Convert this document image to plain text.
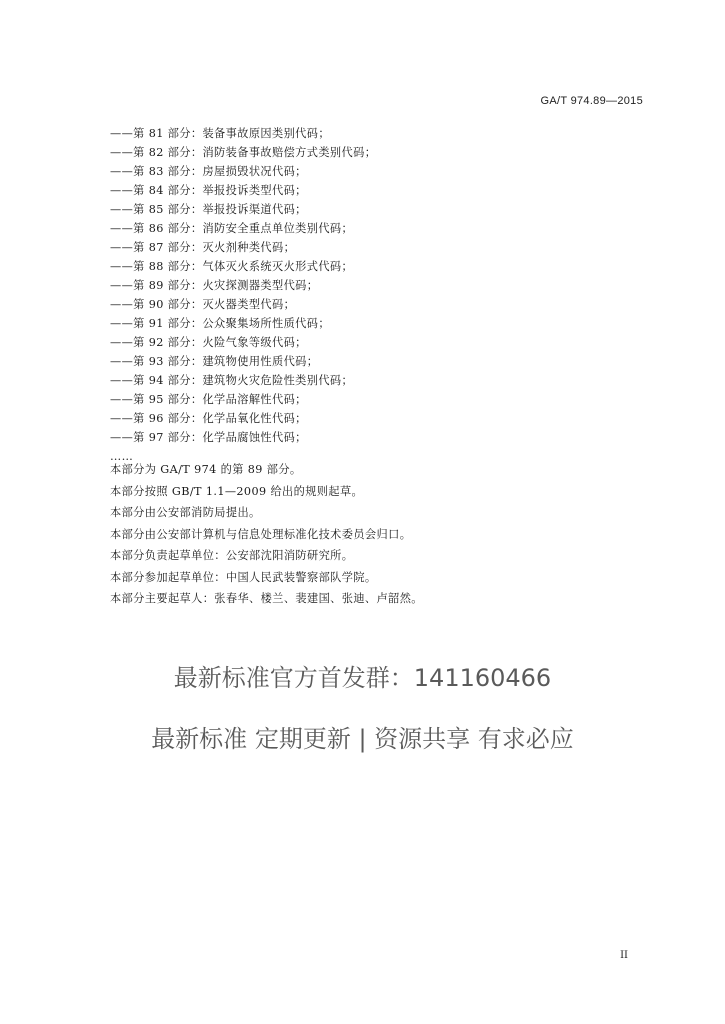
GA/T 974.89—2015
——第 81 部分：装备事故原因类别代码；
——第 82 部分：消防装备事故赔偿方式类别代码；
——第 83 部分：房屋损毁状况代码；
——第 84 部分：举报投诉类型代码；
——第 85 部分：举报投诉渠道代码；
——第 86 部分：消防安全重点单位类别代码；
——第 87 部分：灭火剂种类代码；
——第 88 部分：气体灭火系统灭火形式代码；
——第 89 部分：火灾探测器类型代码；
——第 90 部分：灭火器类型代码；
——第 91 部分：公众聚集场所性质代码；
——第 92 部分：火险气象等级代码；
——第 93 部分：建筑物使用性质代码；
——第 94 部分：建筑物火灾危险性类别代码；
——第 95 部分：化学品溶解性代码；
——第 96 部分：化学品氧化性代码；
——第 97 部分：化学品腐蚀性代码；
……

本部分为 GA/T 974 的第 89 部分。

本部分按照 GB/T 1.1—2009 给出的规则起草。

本部分由公安部消防局提出。

本部分由公安部计算机与信息处理标准化技术委员会归口。

本部分负责起草单位：公安部沈阳消防研究所。

本部分参加起草单位：中国人民武装警察部队学院。

本部分主要起草人：张春华、楼兰、裴建国、张迪、卢韶然。

最新标准官方首发群：141160466
最新标准 定期更新 | 资源共享 有求必应
II
